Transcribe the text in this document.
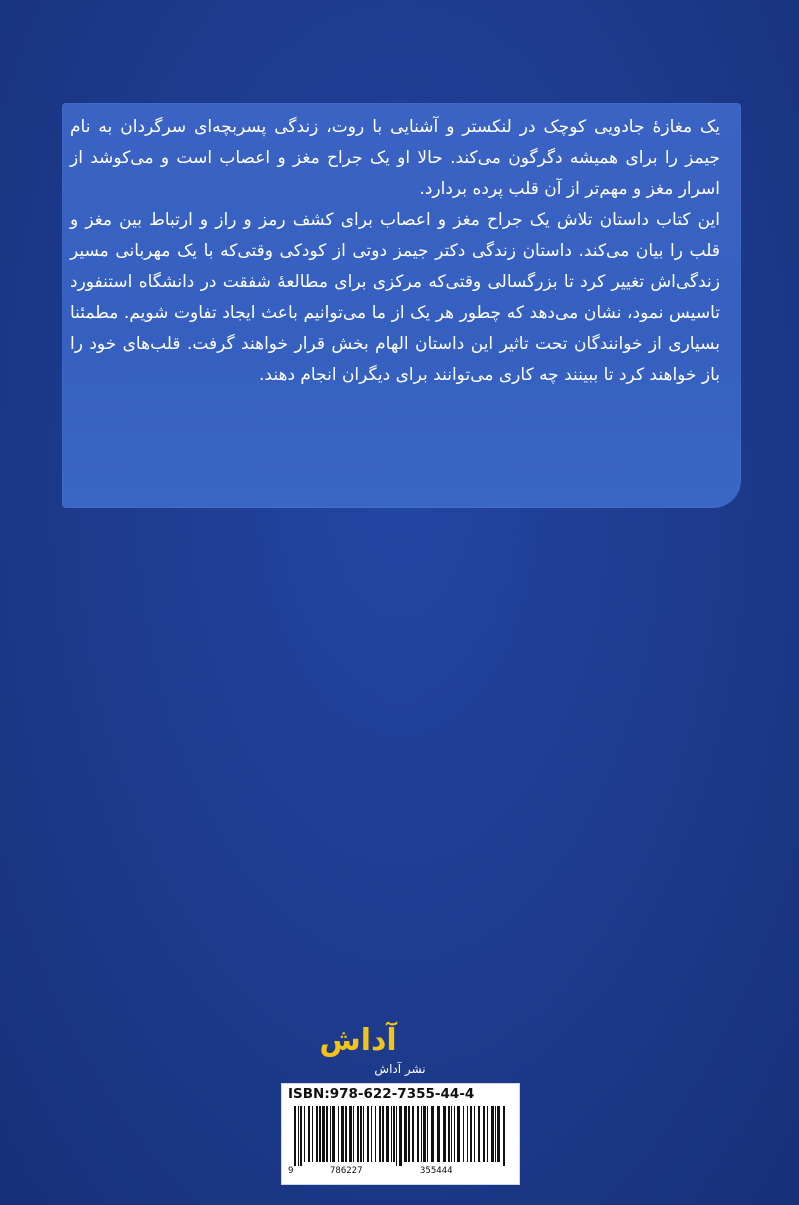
یک مغازهٔ جادویی کوچک در لنکستر و آشنایی با روت، زندگی پسربچه‌ای سرگردان به نام جیمز را برای همیشه دگرگون می‌کند. حالا او یک جراح مغز و اعصاب است و می‌کوشد از اسرار مغز و مهم‌تر از آن قلب پرده بردارد.

این کتاب داستان تلاش یک جراح مغز و اعصاب برای کشف رمز و راز و ارتباط بین مغز و قلب را بیان می‌کند. داستان زندگی دکتر جیمز دوتی از کودکی وقتی‌که با یک مهربانی مسیر زندگی‌اش تغییر کرد تا بزرگسالی وقتی‌که مرکزی برای مطالعهٔ شفقت در دانشگاه استنفورد تاسیس نمود، نشان می‌دهد که چطور هر یک از ما می‌توانیم باعث ایجاد تفاوت شویم. مطمئنا بسیاری از خوانندگان تحت تاثیر این داستان الهام بخش قرار خواهند گرفت. قلب‌های خود را باز خواهند کرد تا ببینند چه کاری می‌توانند برای دیگران انجام دهند.

آداش
نشر آداش
ISBN:978-622-7355-44-4
9	786227	355444
